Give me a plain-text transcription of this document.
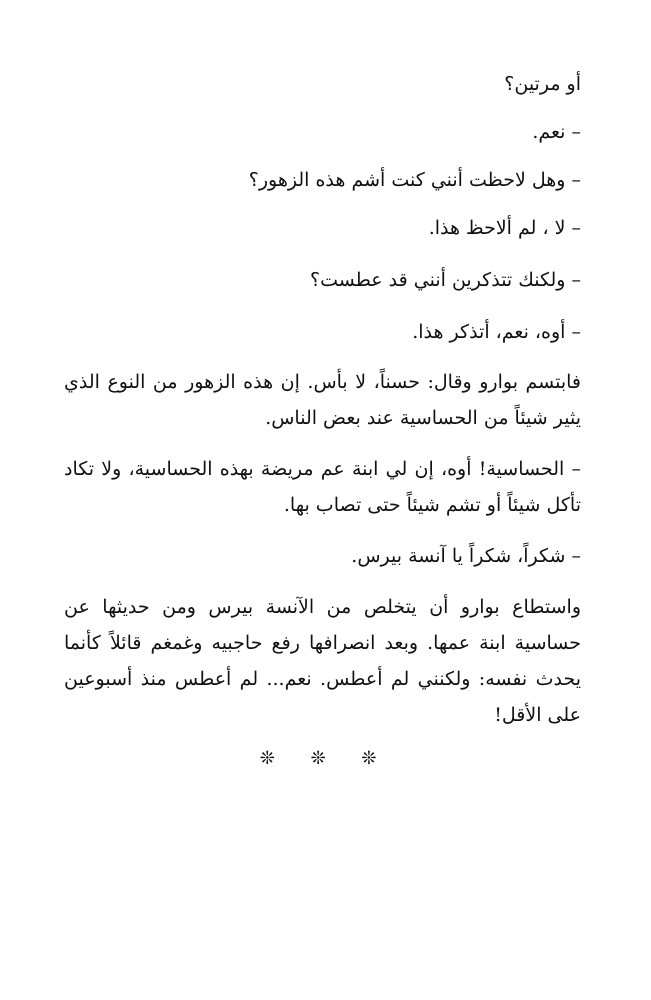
أو مرتين؟
– نعم.
– وهل لاحظت أنني كنت أشم هذه الزهور؟
– لا ، لم ألاحظ هذا.
– ولكنك تتذكرين أنني قد عطست؟
– أوه، نعم، أتذكر هذا.
فابتسم بوارو وقال: حسناً، لا بأس. إن هذه الزهور من النوع الذي يثير شيئاً من الحساسية عند بعض الناس.
– الحساسية! أوه، إن لي ابنة عم مريضة بهذه الحساسية، ولا تكاد تأكل شيئاً أو تشم شيئاً حتى تصاب بها.
– شكراً، شكراً يا آنسة بيرس.
واستطاع بوارو أن يتخلص من الآنسة بيرس ومن حديثها عن حساسية ابنة عمها. وبعد انصرافها رفع حاجبيه وغمغم قائلاً كأنما يحدث نفسه: ولكنني لم أعطس. نعم... لم أعطس منذ أسبوعين على الأقل!
❊ ❊ ❊
